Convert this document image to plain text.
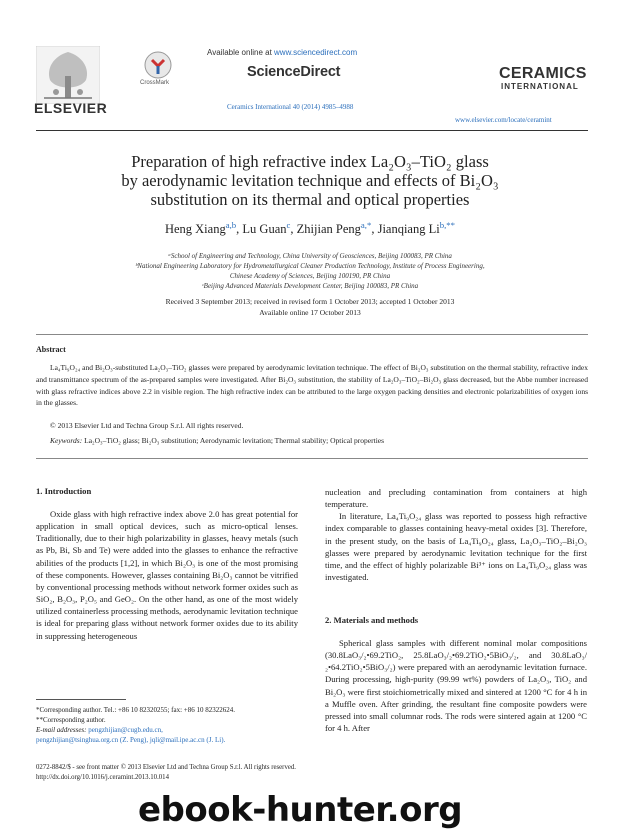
ELSEVIER
CrossMark
Available online at www.sciencedirect.com
ScienceDirect
Ceramics International 40 (2014) 4985–4988
CERAMICS
INTERNATIONAL
www.elsevier.com/locate/ceramint
Preparation of high refractive index La₂O₃–TiO₂ glass
by aerodynamic levitation technique and effects of Bi₂O₃
substitution on its thermal and optical properties
Heng Xiang$^{a,b}$, Lu Guan$^c$, Zhijian Peng$^{a,*}$, Jianqiang $Li^{b,**}$
ᵃSchool of Engineering and Technology, China University of Geosciences, Beijing 100083, PR China
ᵇNational Engineering Laboratory for Hydrometallurgical Cleaner Production Technology, Institute of Process Engineering,
Chinese Academy of Sciences, Beijing 100190, PR China
ᶜBeijing Advanced Materials Development Center, Beijing 100083, PR China
Received 3 September 2013; received in revised form 1 October 2013; accepted 1 October 2013
Available online 17 October 2013
Abstract
La₄Ti₉O₂₄ and Bi₂O₃-substituted La₂O₃–TiO₂ glasses were prepared by aerodynamic levitation technique. The effect of Bi₂O₃ substitution on the thermal stability, refractive index and transmittance spectrum of the as-prepared samples were investigated. After Bi₂O₃ substitution, the stability of La₂O₃–TiO₂–Bi₂O₃ glass decreased, but the Abbe number increased with glass refractive indices above 2.2 in visible region. The high refractive index can be attributed to the large oxygen packing densities and electronic polarizabilities of oxygen ions in the glasses.
© 2013 Elsevier Ltd and Techna Group S.r.l. All rights reserved.
Keywords: La₂O₃–TiO₂ glass; Bi₂O₃ substitution; Aerodynamic levitation; Thermal stability; Optical properties
1. Introduction

Oxide glass with high refractive index above 2.0 has great potential for application in small optical devices, such as micro-optical lenses. Traditionally, due to their high polarizability in glasses, heavy metals (such as Pb, Bi, Sb and Te) were added into the glasses to enhance the refractive abilities of the products [1,2], in which Bi₂O₃ is one of the most promising of these components. However, glasses containing Bi₂O₃ cannot be vitrified by conventional processing methods without network former oxides such as SiO₂, B₂O₃, P₂O₅ and GeO₂. On the other hand, as one of the most widely utilized containerless processing methods, aerodynamic levitation technique is ideal for preparing glass without network former oxides due to its ability in suppressing heterogeneous

nucleation and precluding contamination from containers at high temperature.

In literature, La₄Ti₉O₂₄ glass was reported to possess high refractive index comparable to glasses containing heavy-metal oxides [3]. Therefore, in the present study, on the basis of La₄Ti₉O₂₄ glass, La₂O₃–TiO₂–Bi₂O₃ glasses were prepared by aerodynamic levitation technique for the first time, and the effect of highly polarizable Bi³⁺ ions on La₄Ti₉O₂₄ glass was investigated.

2. Materials and methods

Spherical glass samples with different nominal molar compositions (30.8LaO₃/₂•69.2TiO₂, 25.8LaO₃/₂•69.2TiO₂•5BiO₃/₂, and 30.8LaO₃/₂•64.2TiO₂•5BiO₃/₂) were prepared with an aerodynamic levitation furnace. During processing, high-purity (99.99 wt%) powders of La₂O₃, TiO₂ and Bi₂O₃ were first stoichiometrically mixed and sintered at 1200 °C for 4 h in a Muffle oven. After grinding, the resultant fine composite powders were pressed into small columnar rods. The rods were sintered again at 1200 °C for 4 h. After

*Corresponding author. Tel.: +86 10 82320255; fax: +86 10 82322624.
**Corresponding author.
E-mail addresses: pengzhijian@cugb.edu.cn,
pengzhijian@tsinghua.org.cn (Z. Peng), jqli@mail.ipe.ac.cn (J. Li).
0272-8842/$ - see front matter © 2013 Elsevier Ltd and Techna Group S.r.l. All rights reserved.
http://dx.doi.org/10.1016/j.ceramint.2013.10.014
ebook-hunter.org
